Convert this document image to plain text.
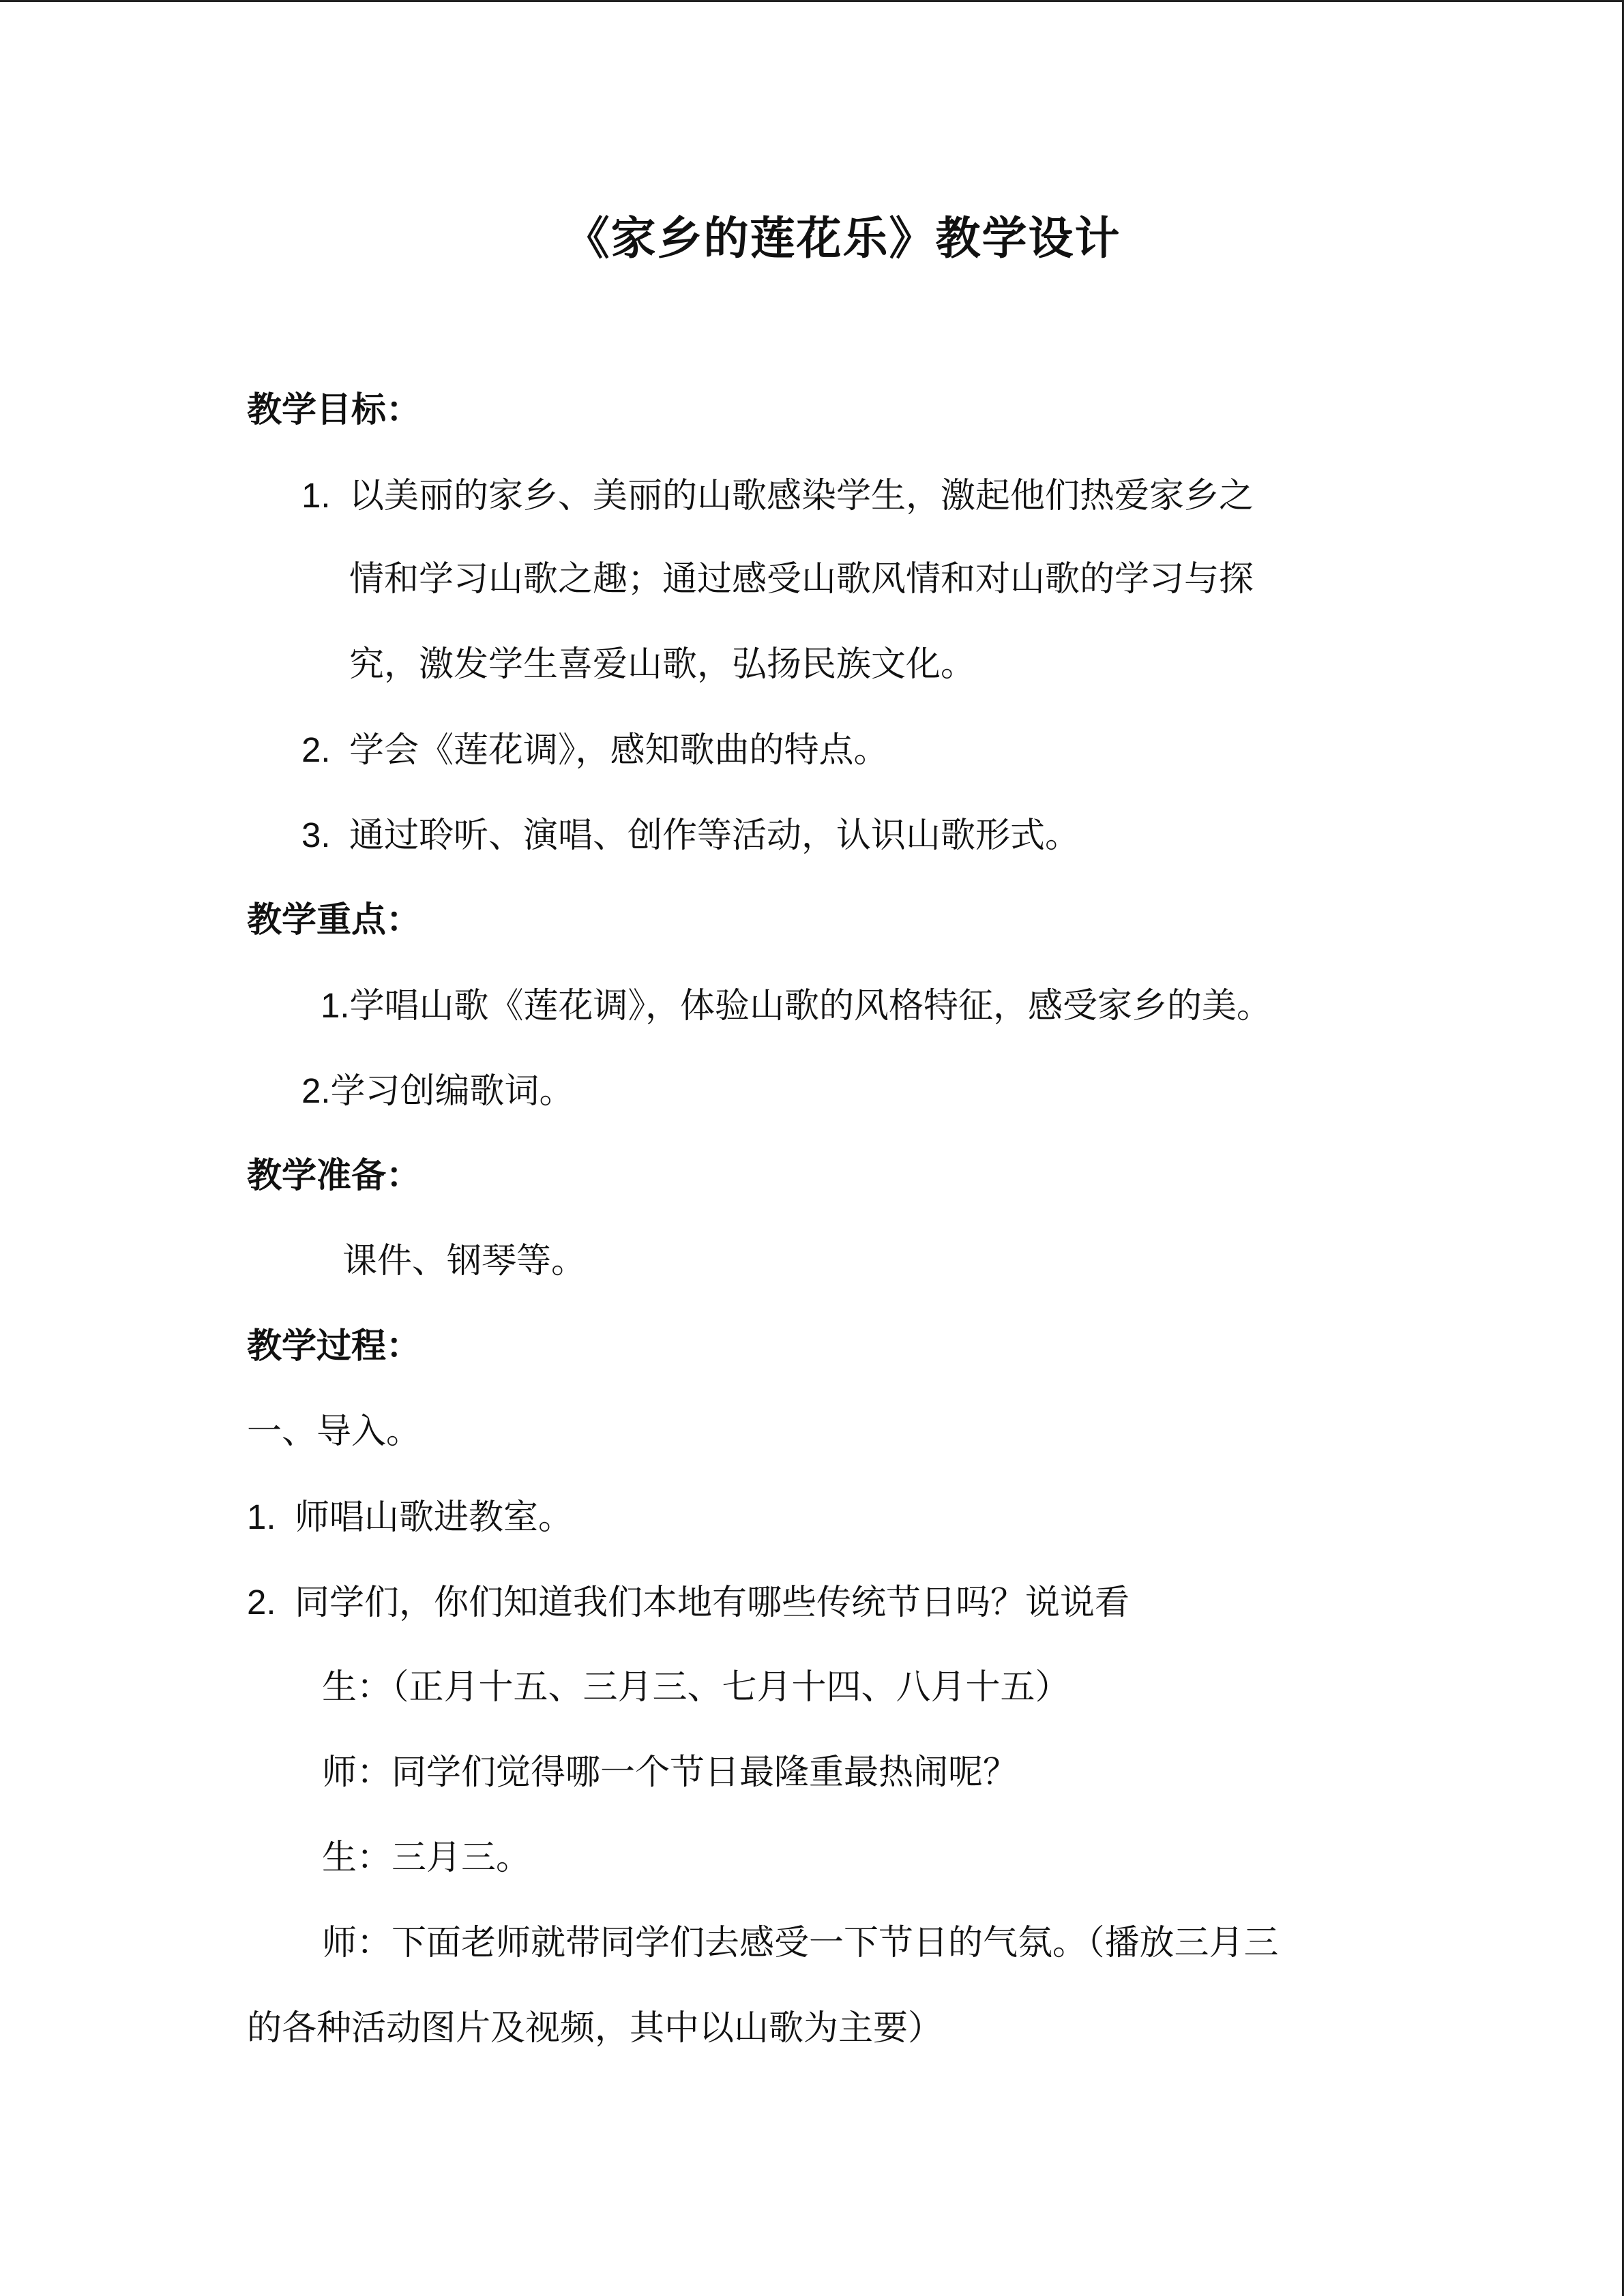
《家乡的莲花乐》教学设计
教学目标：
1. 以美丽的家乡、美丽的山歌感染学生，激起他们热爱家乡之
情和学习山歌之趣；通过感受山歌风情和对山歌的学习与探
究，激发学生喜爱山歌，弘扬民族文化。
2. 学会《莲花调》，感知歌曲的特点。
3. 通过聆听、演唱、创作等活动，认识山歌形式。
教学重点：
1.学唱山歌《莲花调》，体验山歌的风格特征，感受家乡的美。
2.学习创编歌词。
教学准备：
课件、钢琴等。
教学过程：
一、导入。
1. 师唱山歌进教室。
2. 同学们，你们知道我们本地有哪些传统节日吗？说说看
生：（正月十五、三月三、七月十四、八月十五）
师：同学们觉得哪一个节日最隆重最热闹呢？
生：三月三。
师：下面老师就带同学们去感受一下节日的气氛。（播放三月三
的各种活动图片及视频，其中以山歌为主要）
